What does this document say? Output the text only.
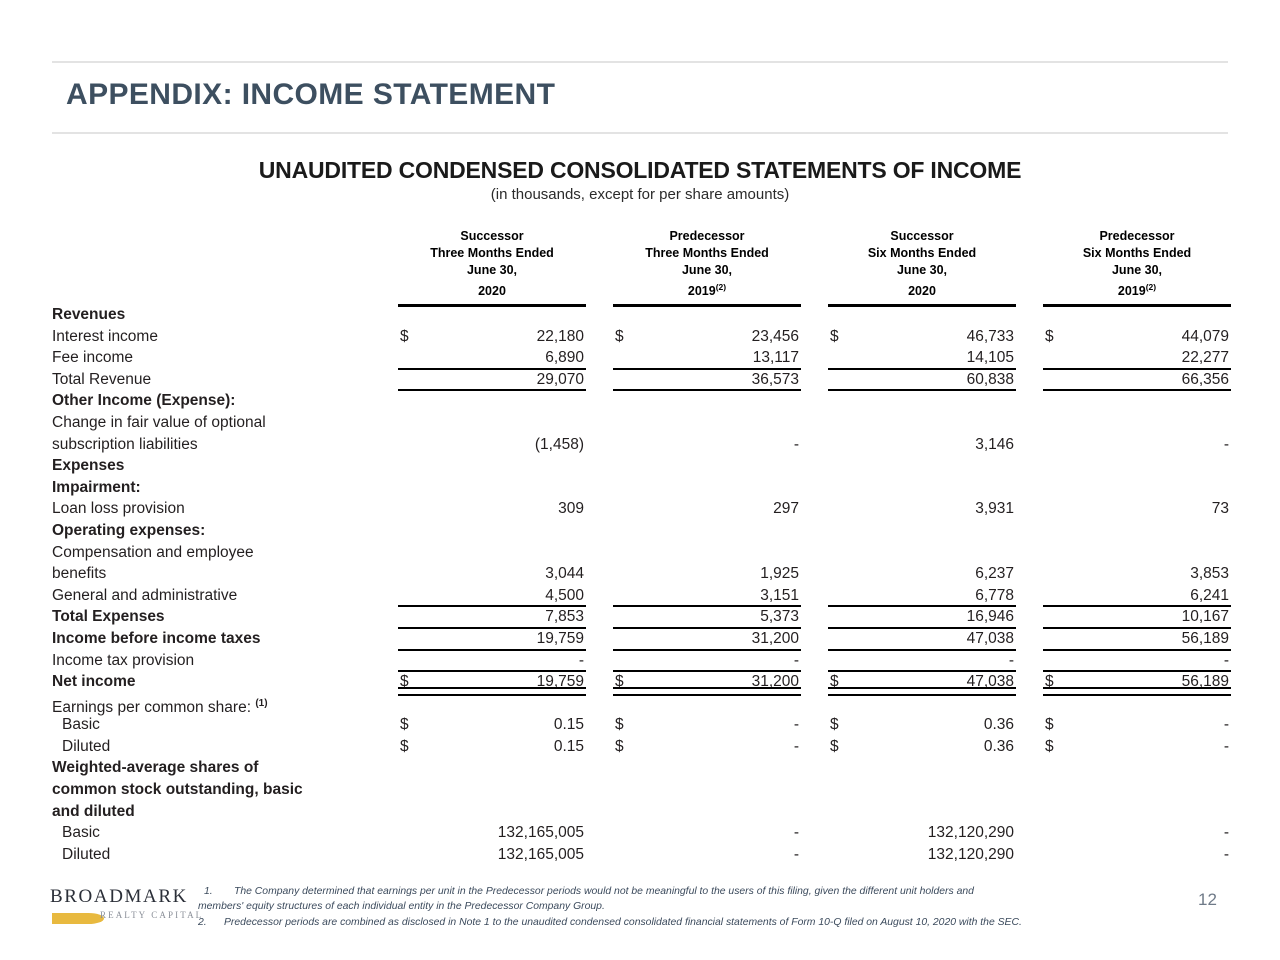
APPENDIX: INCOME STATEMENT
UNAUDITED CONDENSED CONSOLIDATED STATEMENTS OF INCOME
(in thousands, except for per share amounts)
Successor
Three Months Ended
June 30,
2020
Predecessor
Three Months Ended
June 30,
2019$^{(2)}$
Successor
Six Months Ended
June 30,
2020
Predecessor
Six Months Ended
June 30,
2019$^{(2)}$
Revenues
Interest income	$	22,180 $	23,456 $	46,733 $	44,079
Fee income	6,890	13,117	14,105	22,277
Total Revenue	29,070	36,573	60,838	66,356
Other Income (Expense):
Change in fair value of optional
subscription liabilities	(1,458)	-	3,146	-
Expenses
Impairment:
Loan loss provision	309	297	3,931	73
Operating expenses:
Compensation and employee
benefits	3,044	1,925	6,237	3,853
General and administrative	4,500	3,151	6,778	6,241
Total Expenses	7,853	5,373	16,946	10,167
Income before income taxes	19,759	31,200	47,038	56,189
Income tax provision	-	-	-	-
Net income	$	19,759 $	31,200 $	47,038 $	56,189
Earnings per common share: $^{(1)}$
Basic	$	0.15 $	- $	0.36 $	-
Diluted	$	0.15 $	- $	0.36 $	-
Weighted-average shares of
common stock outstanding, basic
and diluted
Basic	132,165,005	-	132,120,290	-
Diluted	132,165,005	-	132,120,290	-
BROADMARK
REALTY CAPITAL
1. The Company determined that earnings per unit in the Predecessor periods would not be meaningful to the users of this filing, given the different unit holders and
members' equity structures of each individual entity in the Predecessor Company Group.
2. Predecessor periods are combined as disclosed in Note 1 to the unaudited condensed consolidated financial statements of Form 10-Q filed on August 10, 2020 with the SEC.
12
